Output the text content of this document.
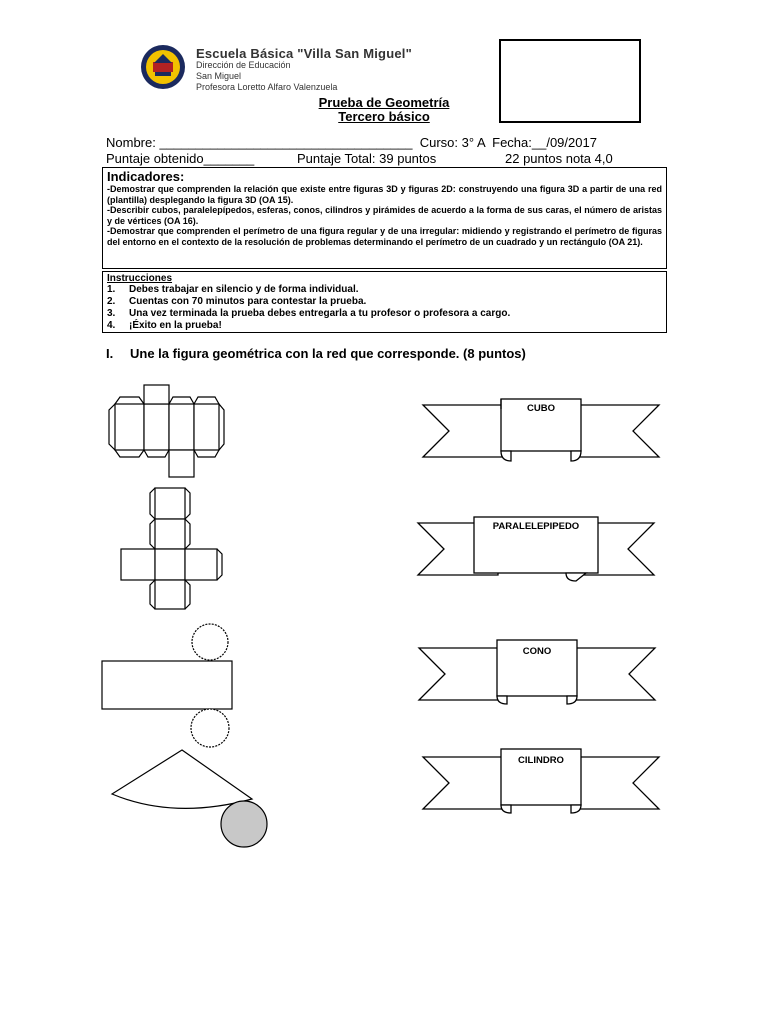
Escuela Básica "Villa San Miguel"
Dirección de Educación
San Miguel
Profesora Loretto Alfaro Valenzuela
Prueba de Geometría
Tercero básico
Nombre: ___________________________________  Curso: 3° A  Fecha:__/09/2017
Puntaje obtenido_______	Puntaje Total: 39 puntos	22 puntos nota 4,0
Indicadores:
-Demostrar que comprenden la relación que existe entre figuras 3D y figuras 2D: construyendo una figura 3D a partir de una red (plantilla) desplegando la figura 3D (OA 15).
-Describir cubos, paralelepípedos, esferas, conos, cilindros y pirámides de acuerdo a la forma de sus caras, el número de aristas y de vértices (OA 16).
-Demostrar que comprenden el perímetro de una figura regular y de una irregular: midiendo y registrando el perímetro de figuras del entorno en el contexto de la resolución de problemas determinando el perímetro de un cuadrado y un rectángulo (OA 21).
Instrucciones
1.	Debes trabajar en silencio y de forma individual.
2.	Cuentas con 70 minutos para contestar la prueba.
3.	Una vez terminada la prueba debes entregarla a tu profesor o profesora a cargo.
4.	¡Éxito en la prueba!
I.	Une la figura geométrica con la red que corresponde. (8 puntos)
CUBO
PARALELEPIPEDO
CONO
CILINDRO
